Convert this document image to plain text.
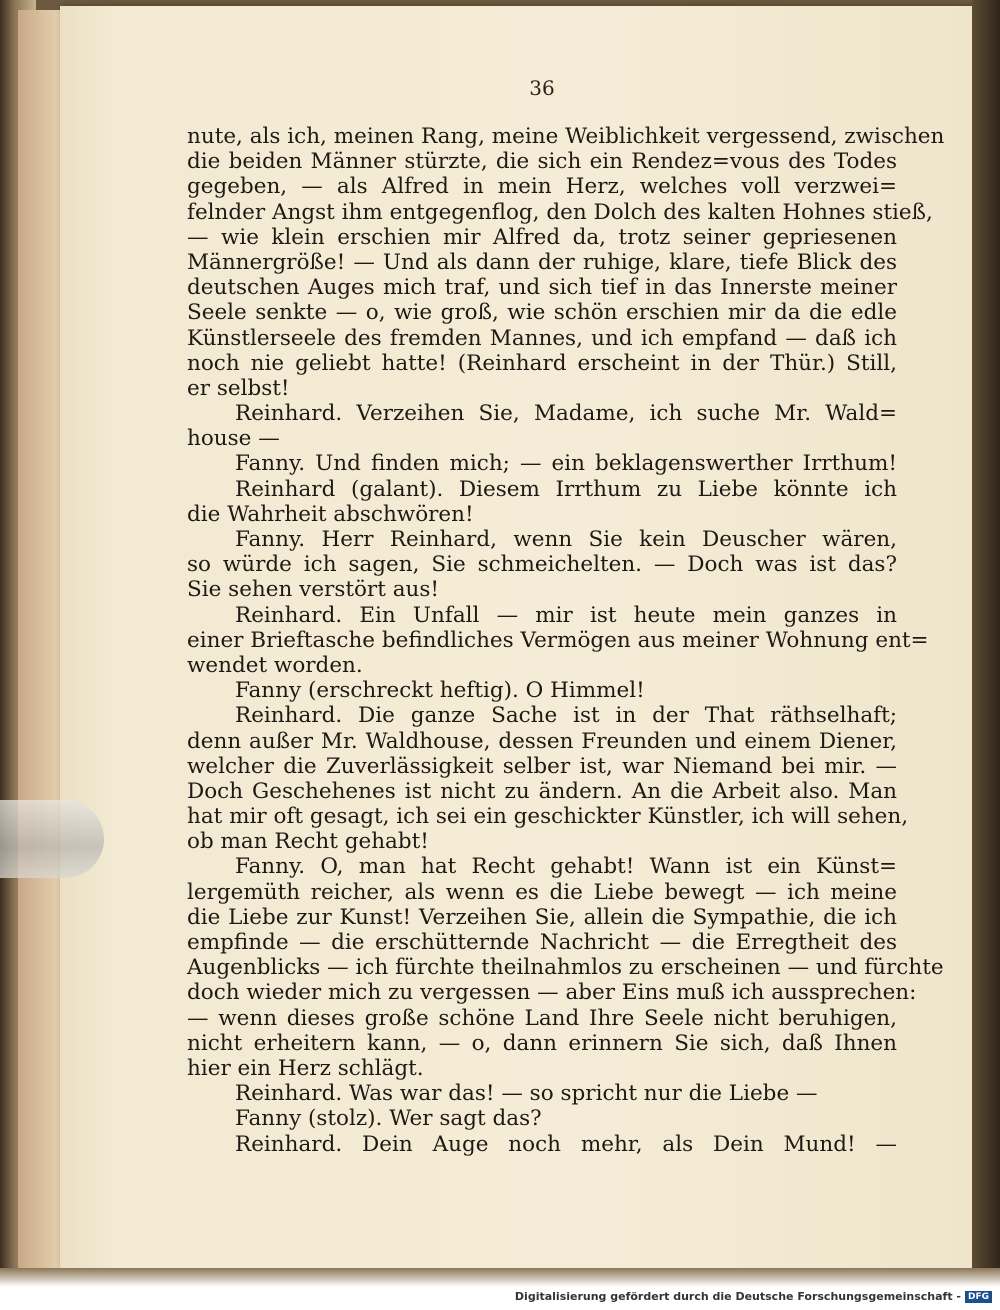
36
nute, als ich, meinen Rang, meine Weiblichkeit vergessend, zwischen
die beiden Männer stürzte, die sich ein Rendez=vous des Todes
gegeben, — als Alfred in mein Herz, welches voll verzwei=
felnder Angst ihm entgegenflog, den Dolch des kalten Hohnes stieß,
— wie klein erschien mir Alfred da, trotz seiner gepriesenen
Männergröße! — Und als dann der ruhige, klare, tiefe Blick des
deutschen Auges mich traf, und sich tief in das Innerste meiner
Seele senkte — o, wie groß, wie schön erschien mir da die edle
Künstlerseele des fremden Mannes, und ich empfand — daß ich
noch nie geliebt hatte! (Reinhard erscheint in der Thür.) Still,
er selbst!
Reinhard. Verzeihen Sie, Madame, ich suche Mr. Wald=
house —
Fanny. Und finden mich; — ein beklagenswerther Irrthum!
Reinhard (galant). Diesem Irrthum zu Liebe könnte ich
die Wahrheit abschwören!
Fanny. Herr Reinhard, wenn Sie kein Deuscher wären,
so würde ich sagen, Sie schmeichelten. — Doch was ist das?
Sie sehen verstört aus!
Reinhard. Ein Unfall — mir ist heute mein ganzes in
einer Brieftasche befindliches Vermögen aus meiner Wohnung ent=
wendet worden.
Fanny (erschreckt heftig). O Himmel!
Reinhard. Die ganze Sache ist in der That räthselhaft;
denn außer Mr. Waldhouse, dessen Freunden und einem Diener,
welcher die Zuverlässigkeit selber ist, war Niemand bei mir. —
Doch Geschehenes ist nicht zu ändern. An die Arbeit also. Man
hat mir oft gesagt, ich sei ein geschickter Künstler, ich will sehen,
ob man Recht gehabt!
Fanny. O, man hat Recht gehabt! Wann ist ein Künst=
lergemüth reicher, als wenn es die Liebe bewegt — ich meine
die Liebe zur Kunst! Verzeihen Sie, allein die Sympathie, die ich
empfinde — die erschütternde Nachricht — die Erregtheit des
Augenblicks — ich fürchte theilnahmlos zu erscheinen — und fürchte
doch wieder mich zu vergessen — aber Eins muß ich aussprechen:
— wenn dieses große schöne Land Ihre Seele nicht beruhigen,
nicht erheitern kann, — o, dann erinnern Sie sich, daß Ihnen
hier ein Herz schlägt.
Reinhard. Was war das! — so spricht nur die Liebe —
Fanny (stolz). Wer sagt das?
Reinhard. Dein Auge noch mehr, als Dein Mund! —
Digitalisierung gefördert durch die Deutsche Forschungsgemeinschaft - DFG
